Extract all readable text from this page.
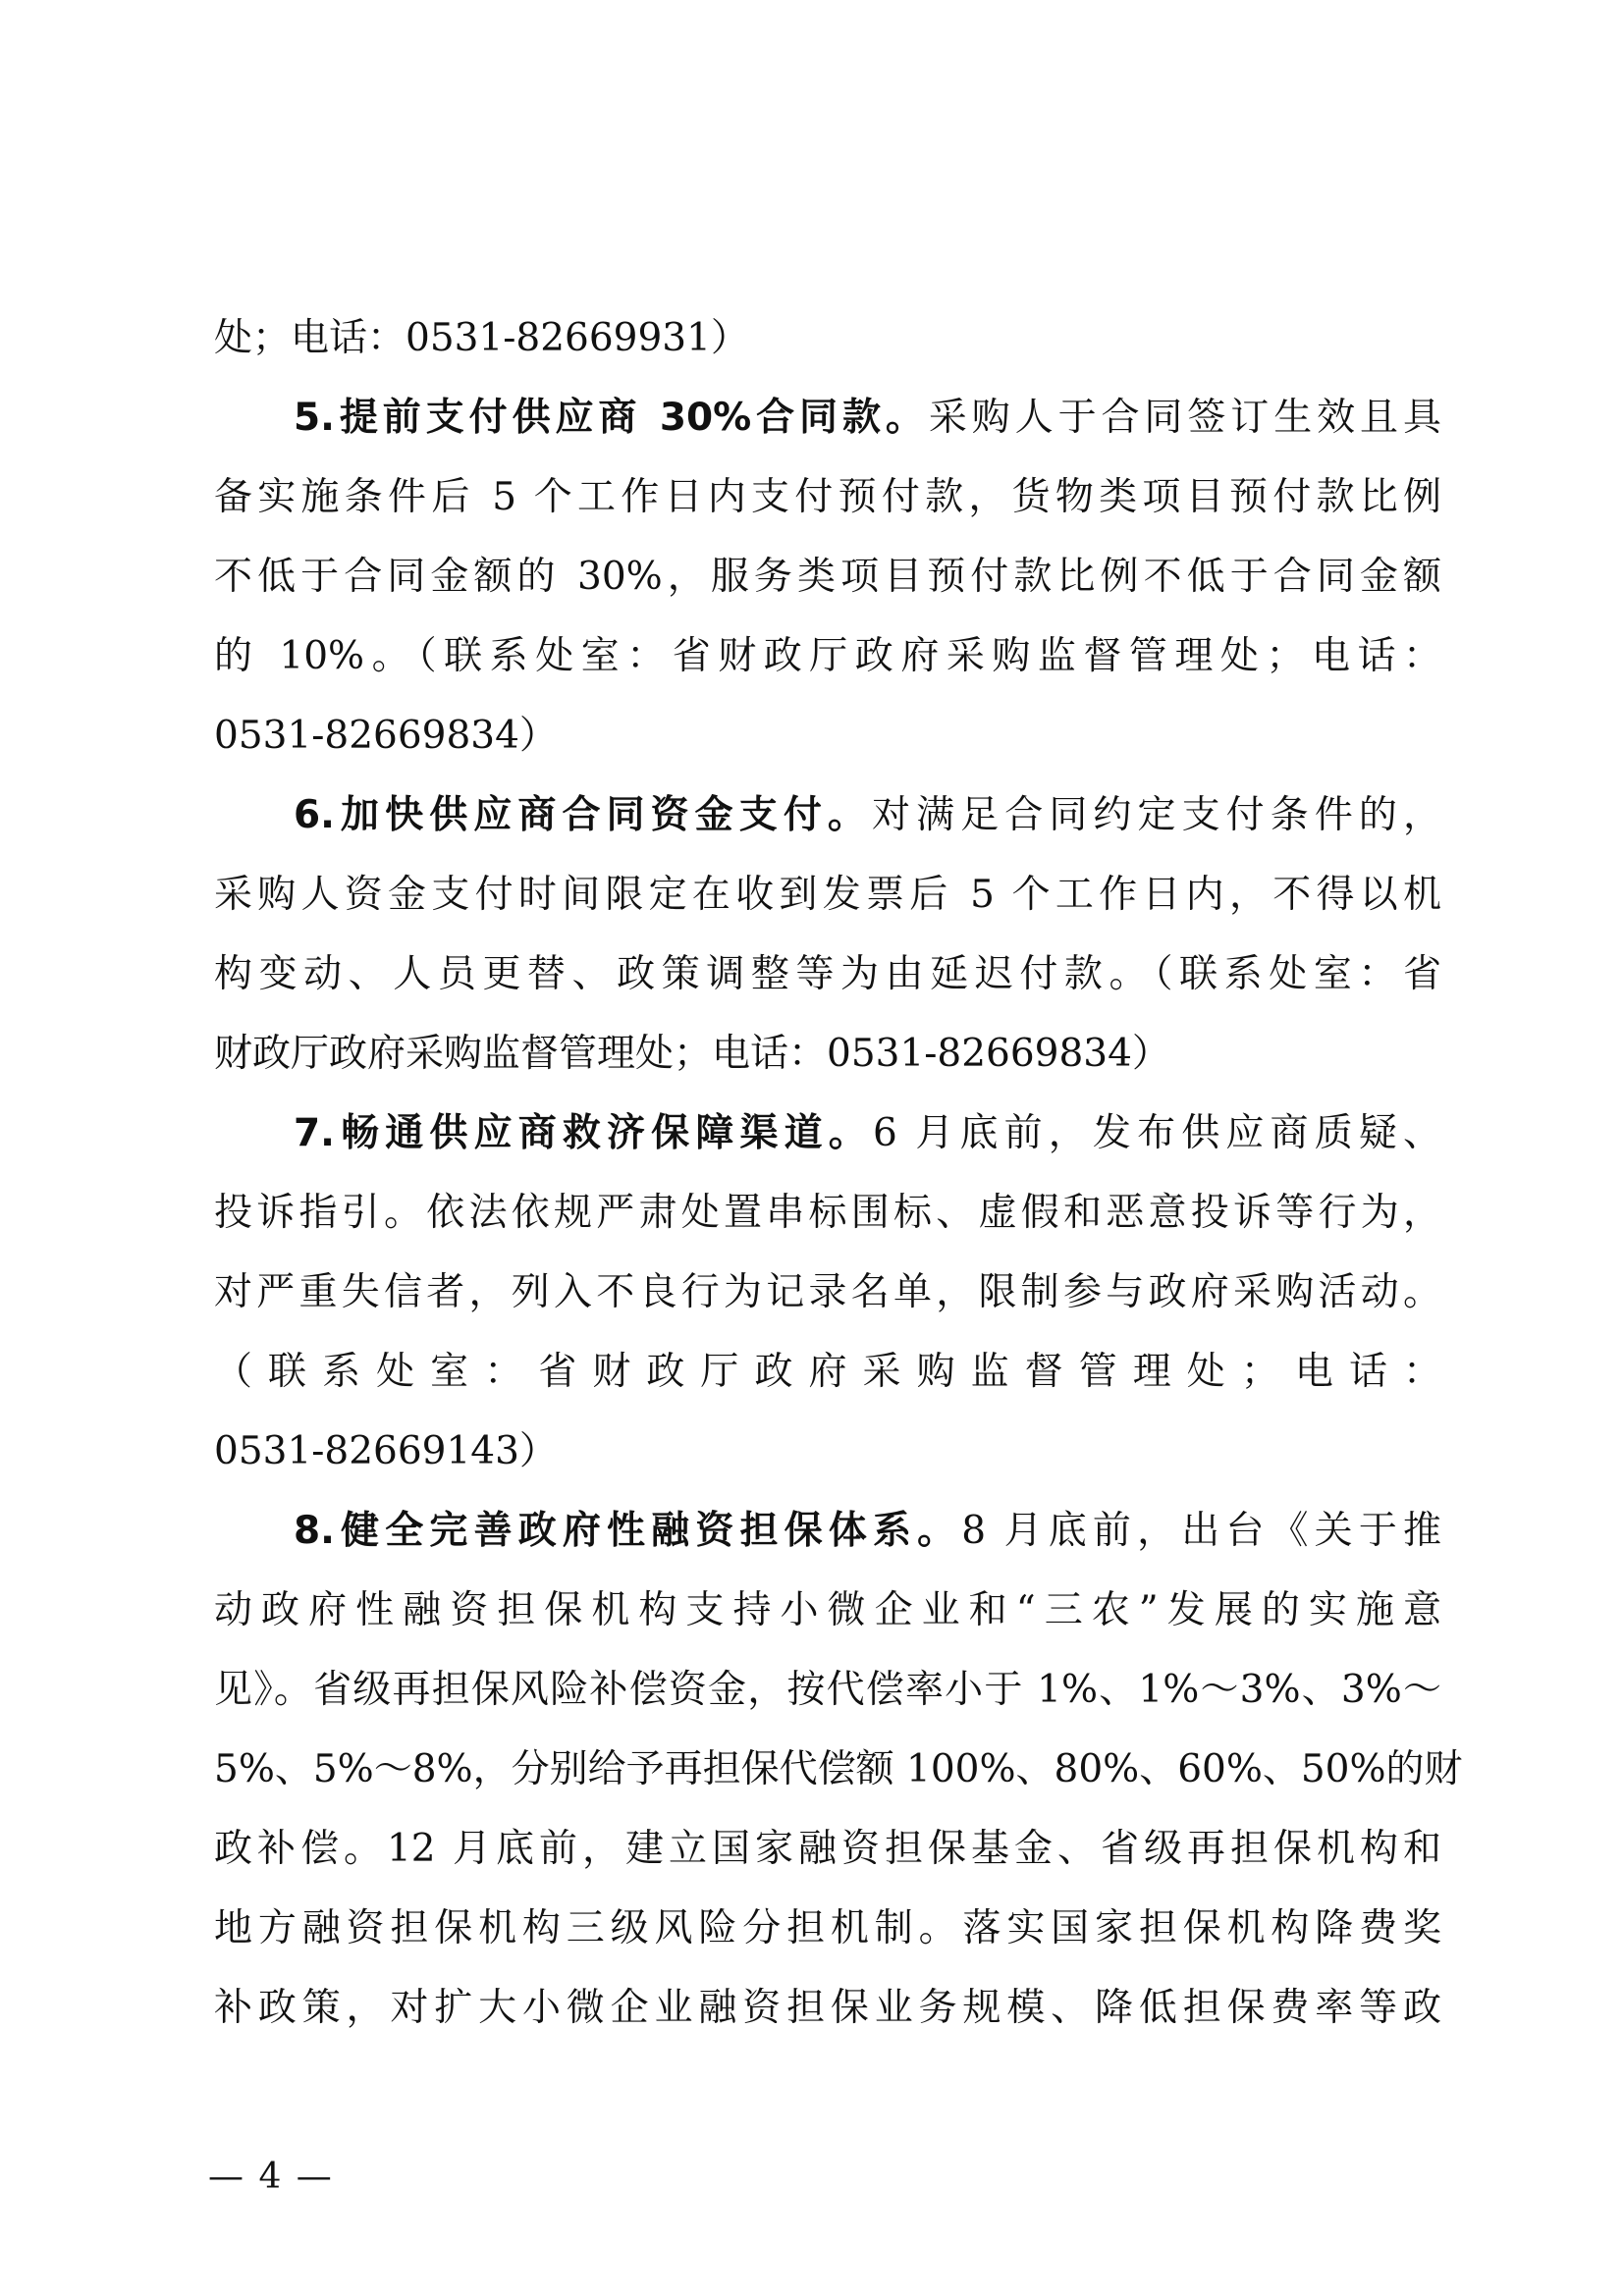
处；电话：0531-82669931）
5.提前支付供应商 30%合同款。采购人于合同签订生效且具
备实施条件后 5 个工作日内支付预付款，货物类项目预付款比例
不低于合同金额的 30%，服务类项目预付款比例不低于合同金额
的 10%。（联系处室：省财政厅政府采购监督管理处；电话：
0531-82669834）
6.加快供应商合同资金支付。对满足合同约定支付条件的，
采购人资金支付时间限定在收到发票后 5 个工作日内，不得以机
构变动、人员更替、政策调整等为由延迟付款。（联系处室：省
财政厅政府采购监督管理处；电话：0531-82669834）
7.畅通供应商救济保障渠道。6 月底前，发布供应商质疑、
投诉指引。依法依规严肃处置串标围标、虚假和恶意投诉等行为，
对严重失信者，列入不良行为记录名单，限制参与政府采购活动。
（联系处室：省财政厅政府采购监督管理处；电话：
0531-82669143）
8.健全完善政府性融资担保体系。8 月底前，出台《关于推
动政府性融资担保机构支持小微企业和“三农”发展的实施意
见》。省级再担保风险补偿资金，按代偿率小于 1%、1%～3%、3%～
5%、5%～8%，分别给予再担保代偿额 100%、80%、60%、50%的财
政补偿。12 月底前，建立国家融资担保基金、省级再担保机构和
地方融资担保机构三级风险分担机制。落实国家担保机构降费奖
补政策，对扩大小微企业融资担保业务规模、降低担保费率等政
— 4 —
